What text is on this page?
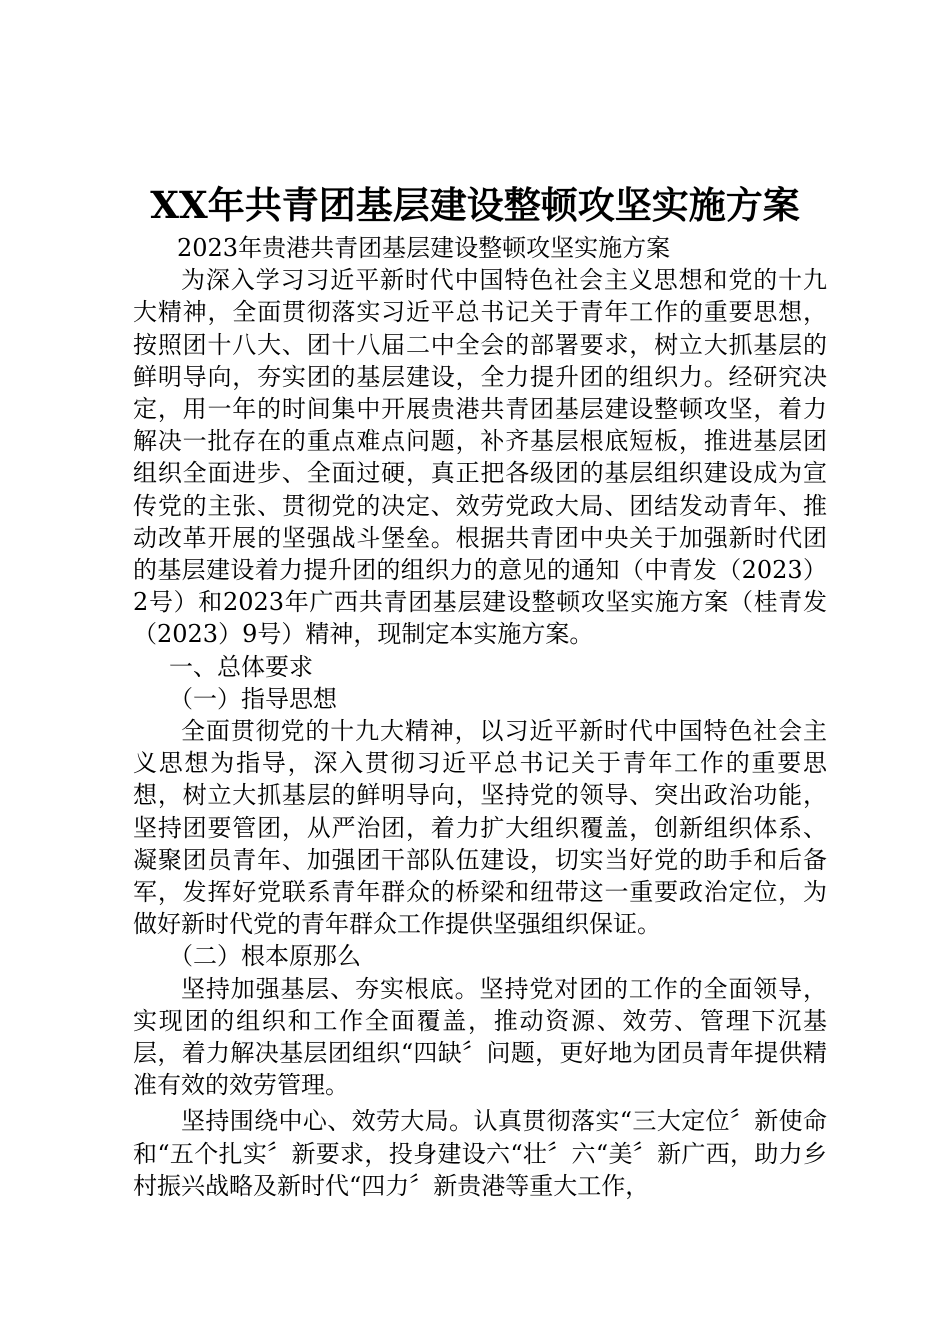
XX年共青团基层建设整顿攻坚实施方案

2023年贵港共青团基层建设整顿攻坚实施方案

为深入学习习近平新时代中国特色社会主义思想和党的十九大精神，全面贯彻落实习近平总书记关于青年工作的重要思想，按照团十八大、团十八届二中全会的部署要求，树立大抓基层的鲜明导向，夯实团的基层建设，全力提升团的组织力。经研究决定，用一年的时间集中开展贵港共青团基层建设整顿攻坚，着力解决一批存在的重点难点问题，补齐基层根底短板，推进基层团组织全面进步、全面过硬，真正把各级团的基层组织建设成为宣传党的主张、贯彻党的决定、效劳党政大局、团结发动青年、推动改革开展的坚强战斗堡垒。根据共青团中央关于加强新时代团的基层建设着力提升团的组织力的意见的通知（中青发（2023）2号）和2023年广西共青团基层建设整顿攻坚实施方案（桂青发（2023）9号）精神，现制定本实施方案。

一、总体要求

（一）指导思想

全面贯彻党的十九大精神，以习近平新时代中国特色社会主义思想为指导，深入贯彻习近平总书记关于青年工作的重要思想，树立大抓基层的鲜明导向，坚持党的领导、突出政治功能，坚持团要管团，从严治团，着力扩大组织覆盖，创新组织体系、凝聚团员青年、加强团干部队伍建设，切实当好党的助手和后备军，发挥好党联系青年群众的桥梁和纽带这一重要政治定位，为做好新时代党的青年群众工作提供坚强组织保证。

（二）根本原那么

坚持加强基层、夯实根底。坚持党对团的工作的全面领导，实现团的组织和工作全面覆盖，推动资源、效劳、管理下沉基层，着力解决基层团组织“四缺〞问题，更好地为团员青年提供精准有效的效劳管理。

坚持围绕中心、效劳大局。认真贯彻落实“三大定位〞新使命和“五个扎实〞新要求，投身建设六“壮〞六“美〞新广西，助力乡村振兴战略及新时代“四力〞新贵港等重大工作，
